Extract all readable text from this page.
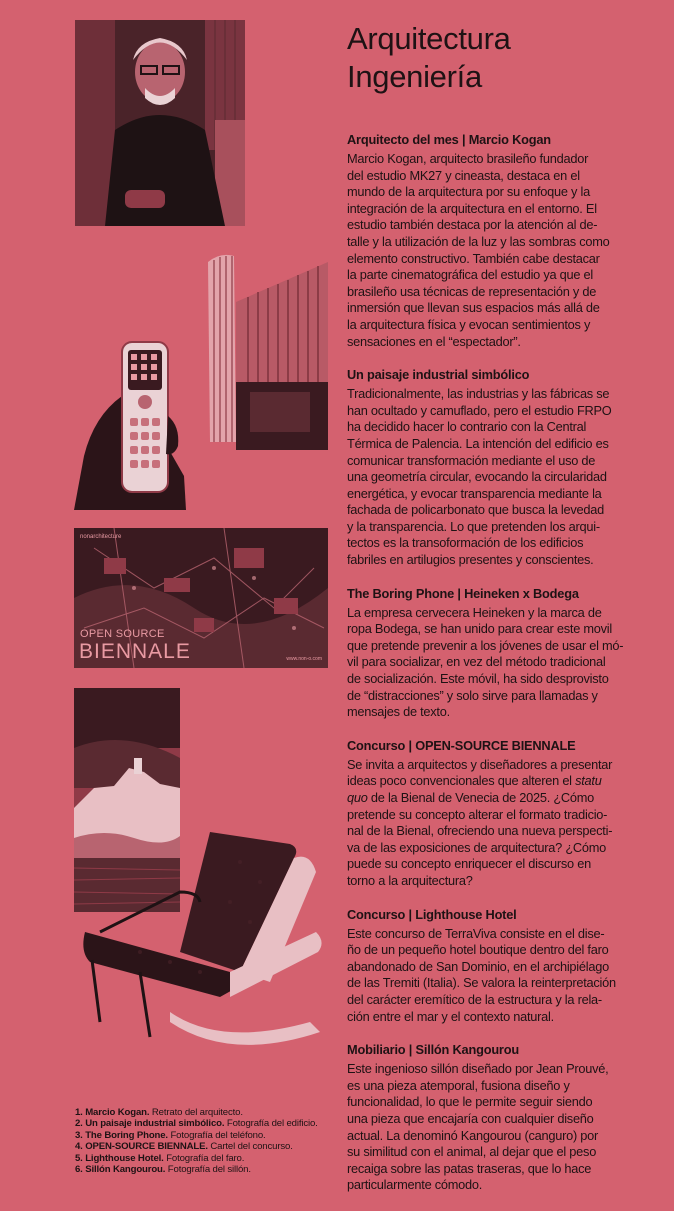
Arquitectura
Ingeniería
Arquitecto del mes | Marcio Kogan
Marcio Kogan, arquitecto brasileño fundador
del estudio MK27 y cineasta, destaca en el
mundo de la arquitectura por su enfoque y la
integración de la arquitectura en el entorno. El
estudio también destaca por la atención al de-
talle y la utilización de la luz y las sombras como
elemento constructivo. También cabe destacar
la parte cinematográfica del estudio ya que el
brasileño usa técnicas de representación y de
inmersión que llevan sus espacios más allá de
la arquitectura física y evocan sentimientos y
sensaciones en el “espectador”.
Un paisaje industrial simbólico
Tradicionalmente, las industrias y las fábricas se
han ocultado y camuflado, pero el estudio FRPO
ha decidido hacer lo contrario con la Central
Térmica de Palencia. La intención del edificio es
comunicar transformación mediante el uso de
una geometría circular, evocando la circularidad
energética, y evocar transparencia mediante la
fachada de policarbonato que busca la levedad
y la transparencia. Lo que pretenden los arqui-
tectos es la transoformación de los edificios
fabriles en artilugios presentes y conscientes.
The Boring Phone | Heineken x Bodega
La empresa cervecera Heineken y la marca de
ropa Bodega, se han unido para crear este movil
que pretende prevenir a los jóvenes de usar el mó-
vil para socializar, en vez del método tradicional
de socialización. Este móvil, ha sido desprovisto
de “distracciones” y solo sirve para llamadas y
mensajes de texto.
Concurso | OPEN-SOURCE BIENNALE
Se invita a arquitectos y diseñadores a presentar
ideas poco convencionales que alteren el statu
quo de la Bienal de Venecia de 2025. ¿Cómo
pretende su concepto alterar el formato tradicio-
nal de la Bienal, ofreciendo una nueva perspecti-
va de las exposiciones de arquitectura? ¿Cómo
puede su concepto enriquecer el discurso en
torno a la arquitectura?
Concurso | Lighthouse Hotel
Este concurso de TerraViva consiste en el dise-
ño de un pequeño hotel boutique dentro del faro
abandonado de San Dominio, en el archipiélago
de las Tremiti (Italia). Se valora la reinterpretación
del carácter eremítico de la estructura y la rela-
ción entre el mar y el contexto natural.
Mobiliario | Sillón Kangourou
Este ingenioso sillón diseñado por Jean Prouvé,
es una pieza atemporal, fusiona diseño y
funcionalidad, lo que le permite seguir siendo
una pieza que encajaría con cualquier diseño
actual. La denominó Kangourou (canguro) por
su similitud con el animal, al dejar que el peso
recaiga sobre las patas traseras, que lo hace
particularmente cómodo.
nonarchitecture
OPEN SOURCE
BIENNALE	www.non-o.com
1. Marcio Kogan. Retrato del arquitecto.
2. Un paisaje industrial simbólico. Fotografía del edificio.
3. The Boring Phone. Fotografía del teléfono.
4. OPEN-SOURCE BIENNALE. Cartel del concurso.
5. Lighthouse Hotel. Fotografía del faro.
6. Sillón Kangourou. Fotografía del sillón.
